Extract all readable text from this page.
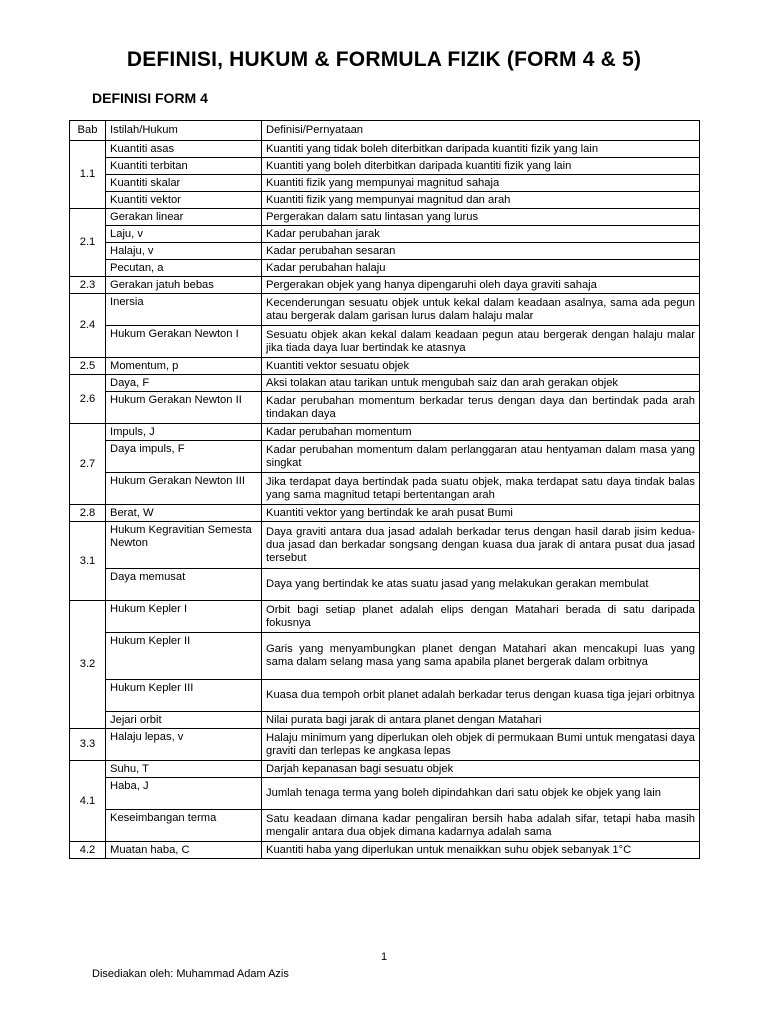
DEFINISI, HUKUM & FORMULA FIZIK (FORM 4 & 5)
DEFINISI FORM 4
Bab	Istilah/Hukum	Definisi/Pernyataan
1.1	Kuantiti asas	Kuantiti yang tidak boleh diterbitkan daripada kuantiti fizik yang lain
	Kuantiti terbitan	Kuantiti yang boleh diterbitkan daripada kuantiti fizik yang lain
	Kuantiti skalar	Kuantiti fizik yang mempunyai magnitud sahaja
	Kuantiti vektor	Kuantiti fizik yang mempunyai magnitud dan arah
2.1	Gerakan linear	Pergerakan dalam satu lintasan yang lurus
	Laju, v	Kadar perubahan jarak
	Halaju, v	Kadar perubahan sesaran
	Pecutan, a	Kadar perubahan halaju
2.3	Gerakan jatuh bebas	Pergerakan objek yang hanya dipengaruhi oleh daya graviti sahaja
2.4	Inersia	Kecenderungan sesuatu objek untuk kekal dalam keadaan asalnya, sama ada pegun atau bergerak dalam garisan lurus dalam halaju malar
	Hukum Gerakan Newton I	Sesuatu objek akan kekal dalam keadaan pegun atau bergerak dengan halaju malar jika tiada daya luar bertindak ke atasnya
2.5	Momentum, p	Kuantiti vektor sesuatu objek
2.6	Daya, F	Aksi tolakan atau tarikan untuk mengubah saiz dan arah gerakan objek
	Hukum Gerakan Newton II	Kadar perubahan momentum berkadar terus dengan daya dan bertindak pada arah tindakan daya
2.7	Impuls, J	Kadar perubahan momentum
	Daya impuls, F	Kadar perubahan momentum dalam perlanggaran atau hentyaman dalam masa yang singkat
	Hukum Gerakan Newton III	Jika terdapat daya bertindak pada suatu objek, maka terdapat satu daya tindak balas yang sama magnitud tetapi bertentangan arah
2.8	Berat, W	Kuantiti vektor yang bertindak ke arah pusat Bumi
3.1	Hukum Kegravitian Semesta Newton	Daya graviti antara dua jasad adalah berkadar terus dengan hasil darab jisim kedua-dua jasad dan berkadar songsang dengan kuasa dua jarak di antara pusat dua jasad tersebut
	Daya memusat	Daya yang bertindak ke atas suatu jasad yang melakukan gerakan membulat
3.2	Hukum Kepler I	Orbit bagi setiap planet adalah elips dengan Matahari berada di satu daripada fokusnya
	Hukum Kepler II	Garis yang menyambungkan planet dengan Matahari akan mencakupi luas yang sama dalam selang masa yang sama apabila planet bergerak dalam orbitnya
	Hukum Kepler III	Kuasa dua tempoh orbit planet adalah berkadar terus dengan kuasa tiga jejari orbitnya
	Jejari orbit	Nilai purata bagi jarak di antara planet dengan Matahari
3.3	Halaju lepas, v	Halaju minimum yang diperlukan oleh objek di permukaan Bumi untuk mengatasi daya graviti dan terlepas ke angkasa lepas
4.1	Suhu, T	Darjah kepanasan bagi sesuatu objek
	Haba, J	Jumlah tenaga terma yang boleh dipindahkan dari satu objek ke objek yang lain
	Keseimbangan terma	Satu keadaan dimana kadar pengaliran bersih haba adalah sifar, tetapi haba masih mengalir antara dua objek dimana kadarnya adalah sama
4.2	Muatan haba, C	Kuantiti haba yang diperlukan untuk menaikkan suhu objek sebanyak 1°C
1
Disediakan oleh: Muhammad Adam Azis
